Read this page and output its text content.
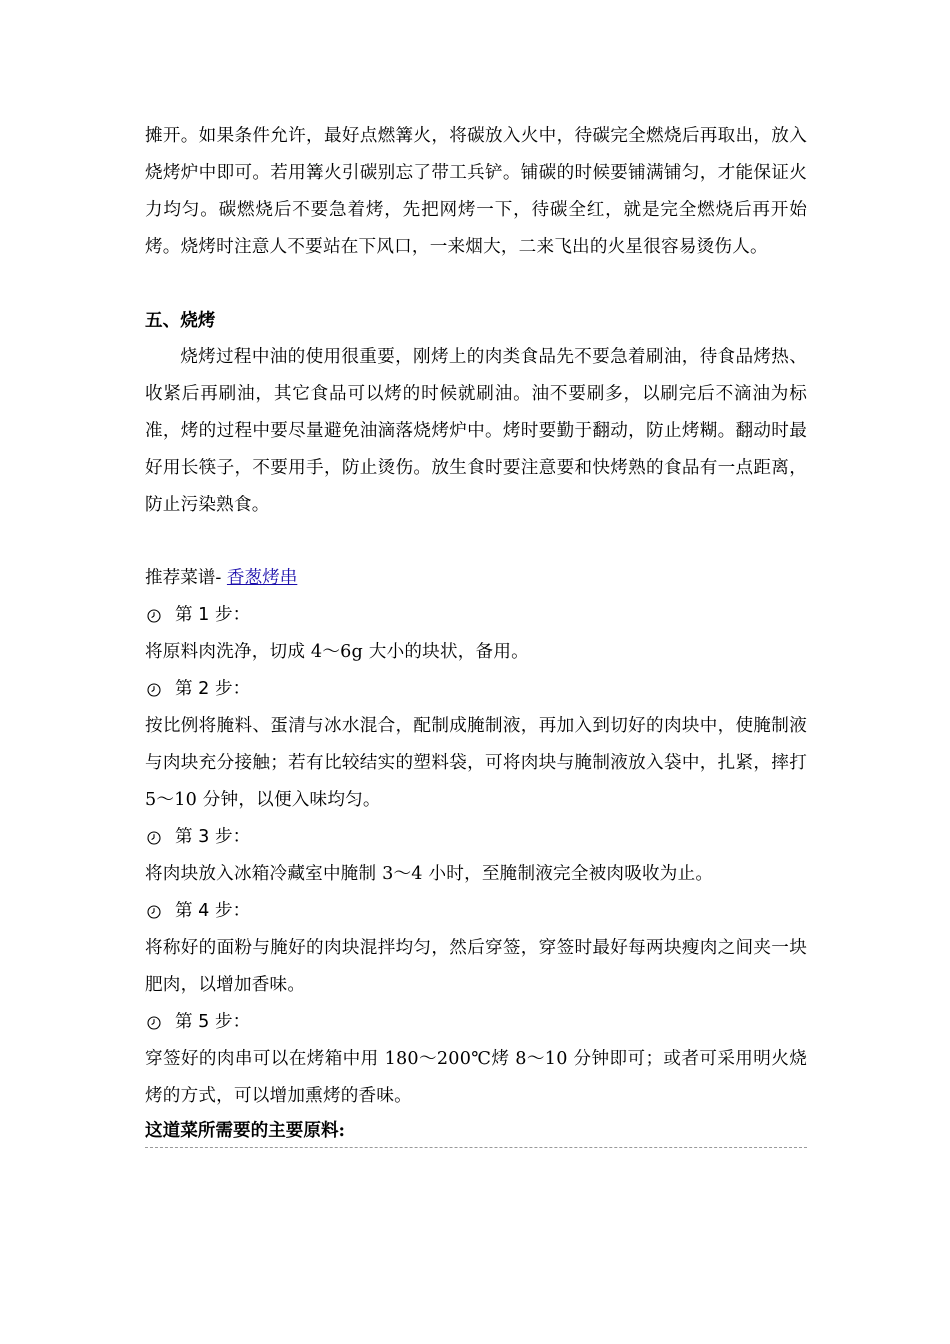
摊开。如果条件允许，最好点燃篝火，将碳放入火中，待碳完全燃烧后再取出，放入烧烤炉中即可。若用篝火引碳别忘了带工兵铲。铺碳的时候要铺满铺匀，才能保证火力均匀。碳燃烧后不要急着烤，先把网烤一下，待碳全红，就是完全燃烧后再开始烤。烧烤时注意人不要站在下风口，一来烟大，二来飞出的火星很容易烫伤人。

五、烧烤

烧烤过程中油的使用很重要，刚烤上的肉类食品先不要急着刷油，待食品烤热、收紧后再刷油，其它食品可以烤的时候就刷油。油不要刷多，以刷完后不滴油为标准，烤的过程中要尽量避免油滴落烧烤炉中。烤时要勤于翻动，防止烤糊。翻动时最好用长筷子，不要用手，防止烫伤。放生食时要注意要和快烤熟的食品有一点距离，防止污染熟食。

推荐菜谱- 香葱烤串

第 1 步：

将原料肉洗净，切成 4～6g 大小的块状，备用。

第 2 步：

按比例将腌料、蛋清与冰水混合，配制成腌制液，再加入到切好的肉块中，使腌制液与肉块充分接触；若有比较结实的塑料袋，可将肉块与腌制液放入袋中，扎紧，摔打 5～10 分钟，以便入味均匀。

第 3 步：

将肉块放入冰箱冷藏室中腌制 3～4 小时，至腌制液完全被肉吸收为止。

第 4 步：

将称好的面粉与腌好的肉块混拌均匀，然后穿签，穿签时最好每两块瘦肉之间夹一块肥肉，以增加香味。

第 5 步：

穿签好的肉串可以在烤箱中用 180～200℃烤 8～10 分钟即可；或者可采用明火烧烤的方式，可以增加熏烤的香味。

这道菜所需要的主要原料:
